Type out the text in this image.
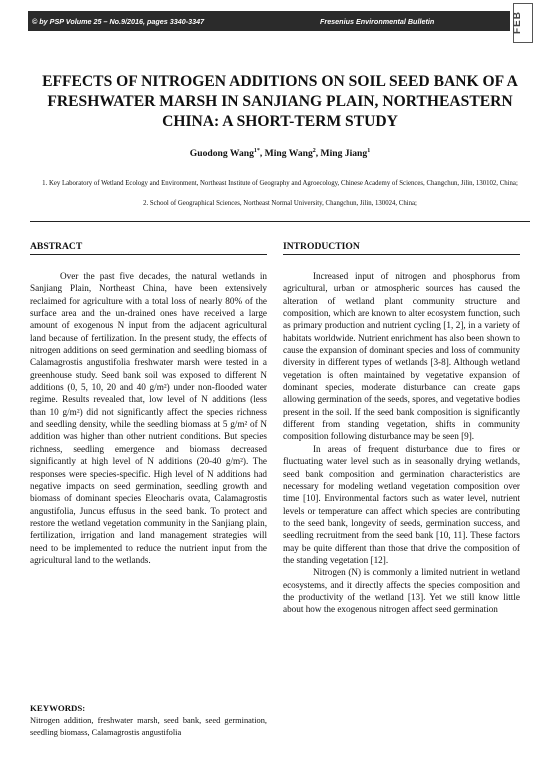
© by PSP Volume 25 – No.9/2016, pages 3340-3347	Fresenius Environmental Bulletin	FEB
EFFECTS OF NITROGEN ADDITIONS ON SOIL SEED BANK OF A FRESHWATER MARSH IN SANJIANG PLAIN, NORTHEASTERN CHINA: A SHORT-TERM STUDY
Guodong Wang$^{1*}$, Ming Wang$^2$, Ming Jiang$^1$
1. Key Laboratory of Wetland Ecology and Environment, Northeast Institute of Geography and Agroecology, Chinese Academy of Sciences, Changchun, Jilin, 130102, China;
2. School of Geographical Sciences, Northeast Normal University, Changchun, Jilin, 130024, China;
ABSTRACT

Over the past five decades, the natural wetlands in Sanjiang Plain, Northeast China, have been extensively reclaimed for agriculture with a total loss of nearly 80% of the surface area and the un-drained ones have received a large amount of exogenous N input from the adjacent agricultural land because of fertilization. In the present study, the effects of nitrogen additions on seed germination and seedling biomass of Calamagrostis angustifolia freshwater marsh were tested in a greenhouse study. Seed bank soil was exposed to different N additions (0, 5, 10, 20 and 40 g/m²) under non-flooded water regime. Results revealed that, low level of N additions (less than 10 g/m²) did not significantly affect the species richness and seedling density, while the seedling biomass at 5 g/m² of N addition was higher than other nutrient conditions. But species richness, seedling emergence and biomass decreased significantly at high level of N additions (20-40 g/m²). The responses were species-specific. High level of N additions had negative impacts on seed germination, seedling growth and biomass of dominant species Eleocharis ovata, Calamagrostis angustifolia, Juncus effusus in the seed bank. To protect and restore the wetland vegetation community in the Sanjiang plain, fertilization, irrigation and land management strategies will need to be implemented to reduce the nutrient input from the agricultural land to the wetlands.

KEYWORDS:
Nitrogen addition, freshwater marsh, seed bank, seed germination, seedling biomass, Calamagrostis angustifolia
INTRODUCTION

Increased input of nitrogen and phosphorus from agricultural, urban or atmospheric sources has caused the alteration of wetland plant community structure and composition, which are known to alter ecosystem function, such as primary production and nutrient cycling [1, 2], in a variety of habitats worldwide. Nutrient enrichment has also been shown to cause the expansion of dominant species and loss of community diversity in different types of wetlands [3-8]. Although wetland vegetation is often maintained by vegetative expansion of dominant species, moderate disturbance can create gaps allowing germination of the seeds, spores, and vegetative bodies present in the soil. If the seed bank composition is significantly different from standing vegetation, shifts in community composition following disturbance may be seen [9].

In areas of frequent disturbance due to fires or fluctuating water level such as in seasonally drying wetlands, seed bank composition and germination characteristics are necessary for modeling wetland vegetation composition over time [10]. Environmental factors such as water level, nutrient levels or temperature can affect which species are contributing to the seed bank, longevity of seeds, germination success, and seedling recruitment from the seed bank [10, 11]. These factors may be quite different than those that drive the composition of the standing vegetation [12].

Nitrogen (N) is commonly a limited nutrient in wetland ecosystems, and it directly affects the species composition and the productivity of the wetland [13]. Yet we still know little about how the exogenous nitrogen affect seed germination
